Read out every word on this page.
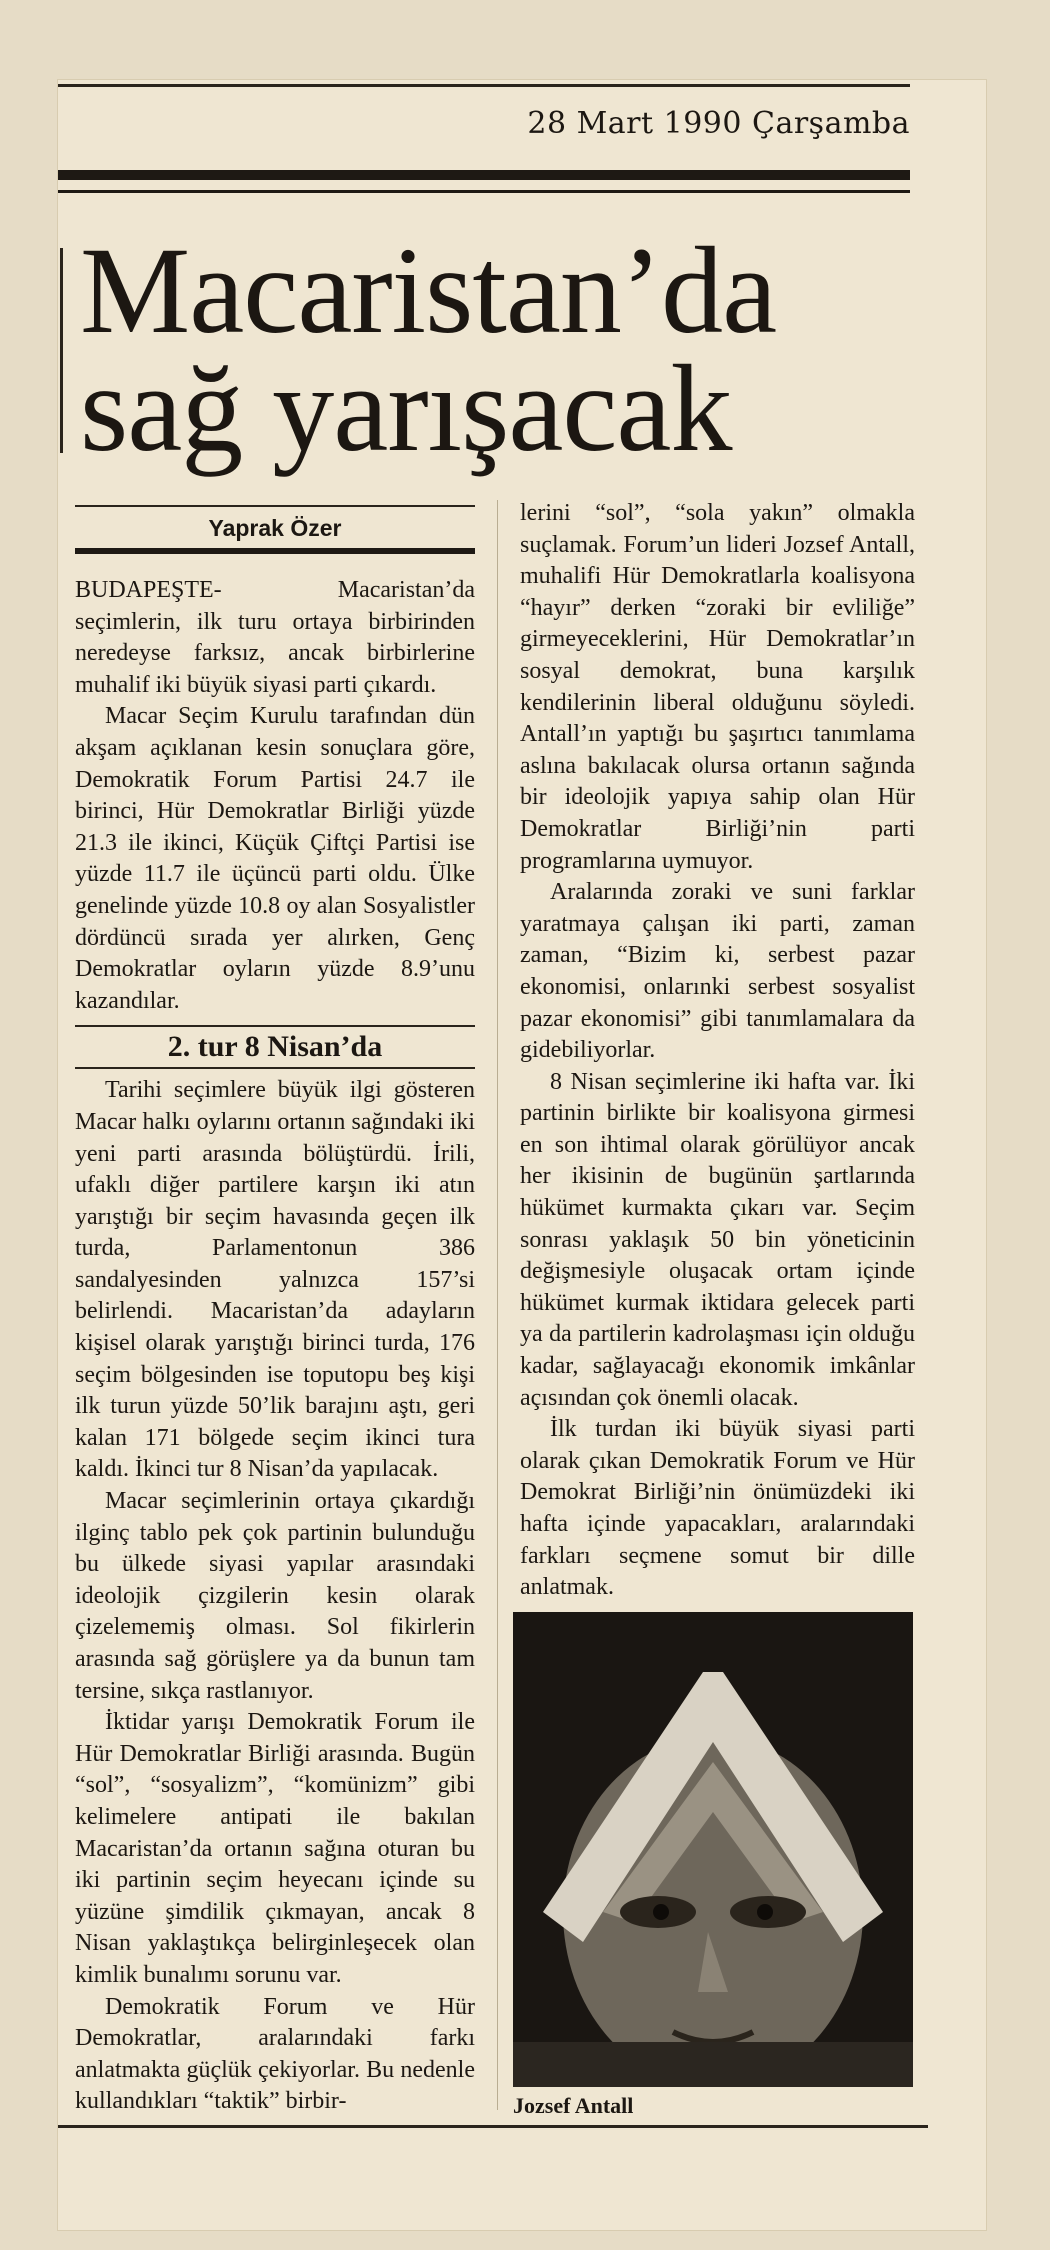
28 Mart 1990 Çarşamba
Macaristan’da
sağ yarışacak
Yaprak Özer

BUDAPEŞTE- Macaristan’da seçimlerin, ilk turu ortaya birbirinden neredeyse farksız, ancak birbirlerine muhalif iki büyük siyasi parti çıkardı.

Macar Seçim Kurulu tarafından dün akşam açıklanan kesin sonuçlara göre, Demokratik Forum Partisi 24.7 ile birinci, Hür Demokratlar Birliği yüzde 21.3 ile ikinci, Küçük Çiftçi Partisi ise yüzde 11.7 ile üçüncü parti oldu. Ülke genelinde yüzde 10.8 oy alan Sosyalistler dördüncü sırada yer alırken, Genç Demokratlar oyların yüzde 8.9’unu kazandılar.

2. tur 8 Nisan’da

Tarihi seçimlere büyük ilgi gösteren Macar halkı oylarını ortanın sağındaki iki yeni parti arasında bölüştürdü. İrili, ufaklı diğer partilere karşın iki atın yarıştığı bir seçim havasında geçen ilk turda, Parlamentonun 386 sandalyesinden yalnızca 157’si belirlendi. Macaristan’da adayların kişisel olarak yarıştığı birinci turda, 176 seçim bölgesinden ise toputopu beş kişi ilk turun yüzde 50’lik barajını aştı, geri kalan 171 bölgede seçim ikinci tura kaldı. İkinci tur 8 Nisan’da yapılacak.

Macar seçimlerinin ortaya çıkardığı ilginç tablo pek çok partinin bulunduğu bu ülkede siyasi yapılar arasındaki ideolojik çizgilerin kesin olarak çizelememiş olması. Sol fikirlerin arasında sağ görüşlere ya da bunun tam tersine, sıkça rastlanıyor.

İktidar yarışı Demokratik Forum ile Hür Demokratlar Birliği arasında. Bugün “sol”, “sosyalizm”, “komünizm” gibi kelimelere antipati ile bakılan Macaristan’da ortanın sağına oturan bu iki partinin seçim heyecanı içinde su yüzüne şimdilik çıkmayan, ancak 8 Nisan yaklaştıkça belirginleşecek olan kimlik bunalımı sorunu var.

Demokratik Forum ve Hür Demokratlar, aralarındaki farkı anlatmakta güçlük çekiyorlar. Bu nedenle kullandıkları “taktik” birbir-

lerini “sol”, “sola yakın” olmakla suçlamak. Forum’un lideri Jozsef Antall, muhalifi Hür Demokratlarla koalisyona “hayır” derken “zoraki bir evliliğe” girmeyeceklerini, Hür Demokratlar’ın sosyal demokrat, buna karşılık kendilerinin liberal olduğunu söyledi. Antall’ın yaptığı bu şaşırtıcı tanımlama aslına bakılacak olursa ortanın sağında bir ideolojik yapıya sahip olan Hür Demokratlar Birliği’nin parti programlarına uymuyor.

Aralarında zoraki ve suni farklar yaratmaya çalışan iki parti, zaman zaman, “Bizim ki, serbest pazar ekonomisi, onlarınki serbest sosyalist pazar ekonomisi” gibi tanımlamalara da gidebiliyorlar.

8 Nisan seçimlerine iki hafta var. İki partinin birlikte bir koalisyona girmesi en son ihtimal olarak görülüyor ancak her ikisinin de bugünün şartlarında hükümet kurmakta çıkarı var. Seçim sonrası yaklaşık 50 bin yöneticinin değişmesiyle oluşacak ortam içinde hükümet kurmak iktidara gelecek parti ya da partilerin kadrolaşması için olduğu kadar, sağlayacağı ekonomik imkânlar açısından çok önemli olacak.

İlk turdan iki büyük siyasi parti olarak çıkan Demokratik Forum ve Hür Demokrat Birliği’nin önümüzdeki iki hafta içinde yapacakları, aralarındaki farkları seçmene somut bir dille anlatmak.

Jozsef Antall
